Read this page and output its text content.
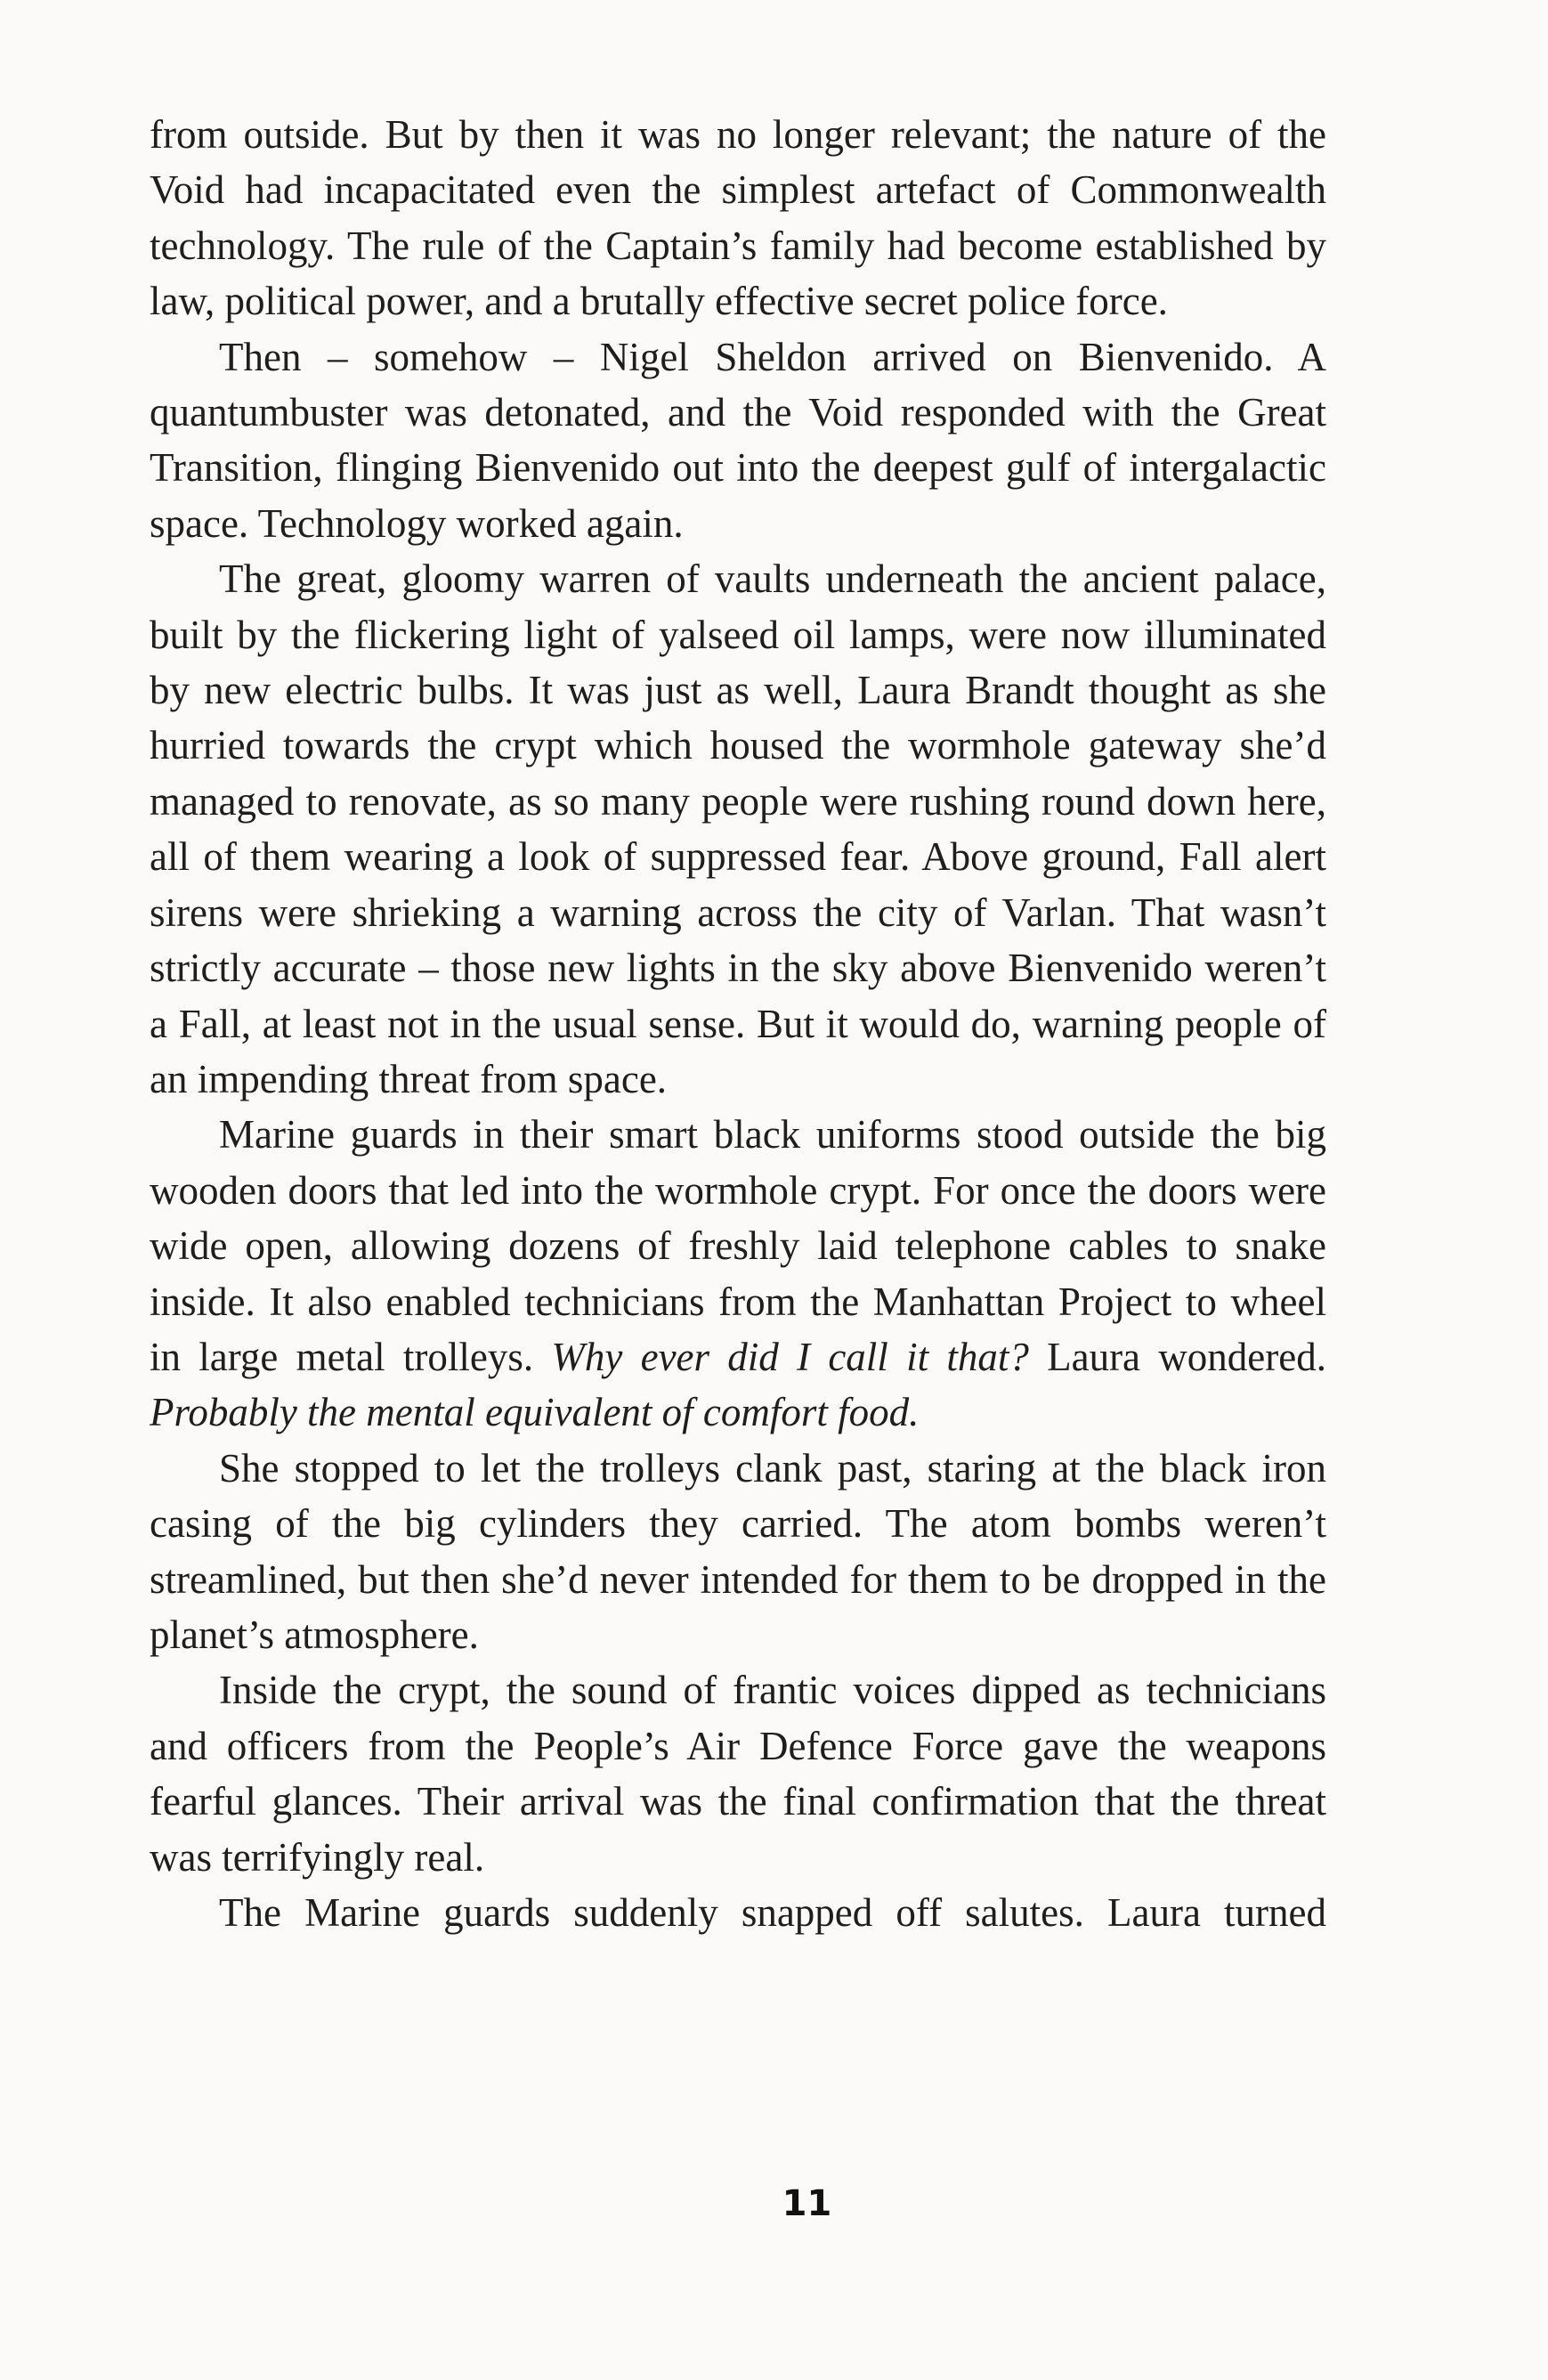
from outside. But by then it was no longer relevant; the nature of the Void had incapacitated even the simplest artefact of Commonwealth technology. The rule of the Captain’s family had become established by law, political power, and a brutally effective secret police force.

Then – somehow – Nigel Sheldon arrived on Bienvenido. A quantumbuster was detonated, and the Void responded with the Great Transition, flinging Bienvenido out into the deepest gulf of intergalactic space. Technology worked again.

The great, gloomy warren of vaults underneath the ancient palace, built by the flickering light of yalseed oil lamps, were now illuminated by new electric bulbs. It was just as well, Laura Brandt thought as she hurried towards the crypt which housed the wormhole gateway she’d managed to renovate, as so many people were rushing round down here, all of them wearing a look of suppressed fear. Above ground, Fall alert sirens were shrieking a warning across the city of Varlan. That wasn’t strictly accurate – those new lights in the sky above Bienvenido weren’t a Fall, at least not in the usual sense. But it would do, warning people of an impending threat from space.

Marine guards in their smart black uniforms stood outside the big wooden doors that led into the wormhole crypt. For once the doors were wide open, allowing dozens of freshly laid telephone cables to snake inside. It also enabled technicians from the Manhattan Project to wheel in large metal trolleys. Why ever did I call it that? Laura wondered. Probably the mental equivalent of comfort food.

She stopped to let the trolleys clank past, staring at the black iron casing of the big cylinders they carried. The atom bombs weren’t streamlined, but then she’d never intended for them to be dropped in the planet’s atmosphere.

Inside the crypt, the sound of frantic voices dipped as technicians and officers from the People’s Air Defence Force gave the weapons fearful glances. Their arrival was the final confirmation that the threat was terrifyingly real.

The Marine guards suddenly snapped off salutes. Laura turned

11
